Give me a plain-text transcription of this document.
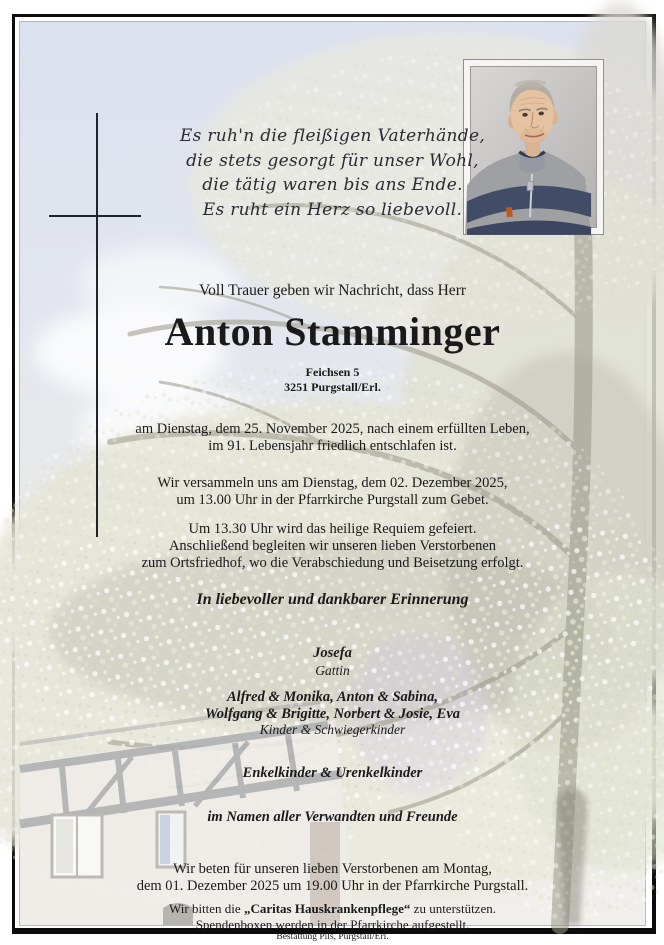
Es ruh'n die fleißigen Vaterhände,
die stets gesorgt für unser Wohl,
die tätig waren bis ans Ende.
Es ruht ein Herz so liebevoll.
Voll Trauer geben wir Nachricht, dass Herr
Anton Stamminger
Feichsen 5
3251 Purgstall/Erl.
am Dienstag, dem 25. November 2025, nach einem erfüllten Leben,
im 91. Lebensjahr friedlich entschlafen ist.
Wir versammeln uns am Dienstag, dem 02. Dezember 2025,
um 13.00 Uhr in der Pfarrkirche Purgstall zum Gebet.
Um 13.30 Uhr wird das heilige Requiem gefeiert.
Anschließend begleiten wir unseren lieben Verstorbenen
zum Ortsfriedhof, wo die Verabschiedung und Beisetzung erfolgt.
In liebevoller und dankbarer Erinnerung
Josefa
Gattin
Alfred & Monika, Anton & Sabina,
Wolfgang & Brigitte, Norbert & Josie, Eva
Kinder & Schwiegerkinder
Enkelkinder & Urenkelkinder
im Namen aller Verwandten und Freunde
Wir beten für unseren lieben Verstorbenen am Montag,
dem 01. Dezember 2025 um 19.00 Uhr in der Pfarrkirche Purgstall.
Wir bitten die „Caritas Hauskrankenpflege“ zu unterstützen.
Spendenboxen werden in der Pfarrkirche aufgestellt.
Bestattung Pils, Purgstall/Erl.
